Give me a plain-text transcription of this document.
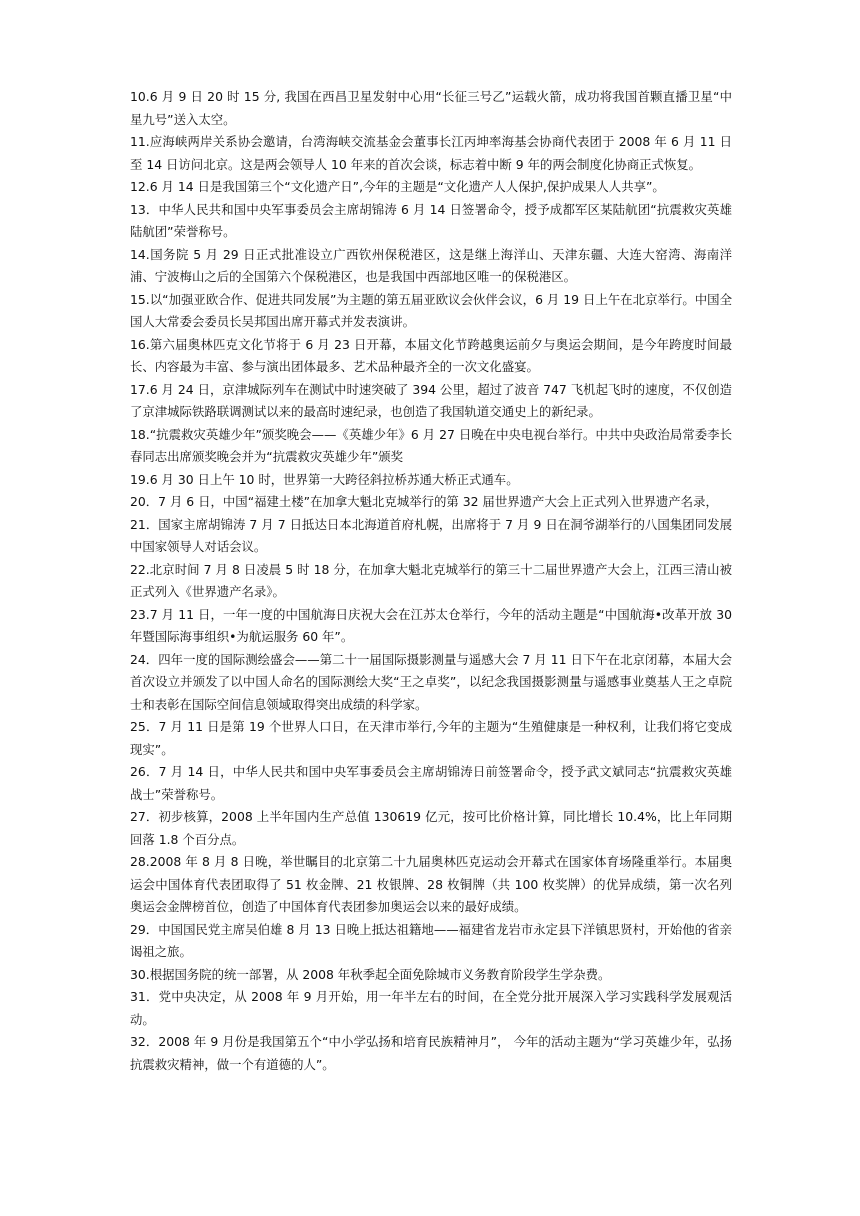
10.6 月 9 日 20 时 15 分, 我国在西昌卫星发射中心用“长征三号乙”运载火箭，成功将我国首颗直播卫星“中星九号”送入太空。

11.应海峡两岸关系协会邀请，台湾海峡交流基金会董事长江丙坤率海基会协商代表团于 2008 年 6 月 11 日至 14 日访问北京。这是两会领导人 10 年来的首次会谈，标志着中断 9 年的两会制度化协商正式恢复。

12.6 月 14 日是我国第三个“文化遗产日”,今年的主题是“文化遗产人人保护,保护成果人人共享”。

13．中华人民共和国中央军事委员会主席胡锦涛 6 月 14 日签署命令，授予成都军区某陆航团“抗震救灾英雄陆航团”荣誉称号。

14.国务院 5 月 29 日正式批准设立广西钦州保税港区，这是继上海洋山、天津东疆、大连大窑湾、海南洋浦、宁波梅山之后的全国第六个保税港区，也是我国中西部地区唯一的保税港区。

15.以“加强亚欧合作、促进共同发展”为主题的第五届亚欧议会伙伴会议，6 月 19 日上午在北京举行。中国全国人大常委会委员长吴邦国出席开幕式并发表演讲。

16.第六届奥林匹克文化节将于 6 月 23 日开幕，本届文化节跨越奥运前夕与奥运会期间，是今年跨度时间最长、内容最为丰富、参与演出团体最多、艺术品种最齐全的一次文化盛宴。

17.6 月 24 日，京津城际列车在测试中时速突破了 394 公里，超过了波音 747 飞机起飞时的速度，不仅创造了京津城际铁路联调测试以来的最高时速纪录，也创造了我国轨道交通史上的新纪录。

18.“抗震救灾英雄少年”颁奖晚会——《英雄少年》6 月 27 日晚在中央电视台举行。中共中央政治局常委李长春同志出席颁奖晚会并为“抗震救灾英雄少年”颁奖

19.6 月 30 日上午 10 时，世界第一大跨径斜拉桥苏通大桥正式通车。

20．7 月 6 日，中国“福建土楼”在加拿大魁北克城举行的第 32 届世界遗产大会上正式列入世界遗产名录，

21．国家主席胡锦涛 7 月 7 日抵达日本北海道首府札幌，出席将于 7 月 9 日在洞爷湖举行的八国集团同发展中国家领导人对话会议。

22.北京时间 7 月 8 日凌晨 5 时 18 分，在加拿大魁北克城举行的第三十二届世界遗产大会上，江西三清山被正式列入《世界遗产名录》。

23.7 月 11 日，一年一度的中国航海日庆祝大会在江苏太仓举行，今年的活动主题是“中国航海•改革开放 30 年暨国际海事组织•为航运服务 60 年”。

24．四年一度的国际测绘盛会——第二十一届国际摄影测量与遥感大会 7 月 11 日下午在北京闭幕，本届大会首次设立并颁发了以中国人命名的国际测绘大奖“王之卓奖”，以纪念我国摄影测量与遥感事业奠基人王之卓院士和表彰在国际空间信息领域取得突出成绩的科学家。

25．7 月 11 日是第 19 个世界人口日，在天津市举行,今年的主题为“生殖健康是一种权利，让我们将它变成现实”。

26．7 月 14 日，中华人民共和国中央军事委员会主席胡锦涛日前签署命令，授予武文斌同志“抗震救灾英雄战士”荣誉称号。

27．初步核算，2008 上半年国内生产总值 130619 亿元，按可比价格计算，同比增长 10.4%，比上年同期回落 1.8 个百分点。

28.2008 年 8 月 8 日晚，举世瞩目的北京第二十九届奥林匹克运动会开幕式在国家体育场隆重举行。本届奥运会中国体育代表团取得了 51 枚金牌、21 枚银牌、28 枚铜牌（共 100 枚奖牌）的优异成绩，第一次名列奥运会金牌榜首位，创造了中国体育代表团参加奥运会以来的最好成绩。

29．中国国民党主席吴伯雄 8 月 13 日晚上抵达祖籍地——福建省龙岩市永定县下洋镇思贤村，开始他的省亲谒祖之旅。

30.根据国务院的统一部署，从 2008 年秋季起全面免除城市义务教育阶段学生学杂费。

31．党中央决定，从 2008 年 9 月开始，用一年半左右的时间，在全党分批开展深入学习实践科学发展观活动。

32．2008 年 9 月份是我国第五个“中小学弘扬和培育民族精神月”， 今年的活动主题为“学习英雄少年，弘扬抗震救灾精神，做一个有道德的人”。
